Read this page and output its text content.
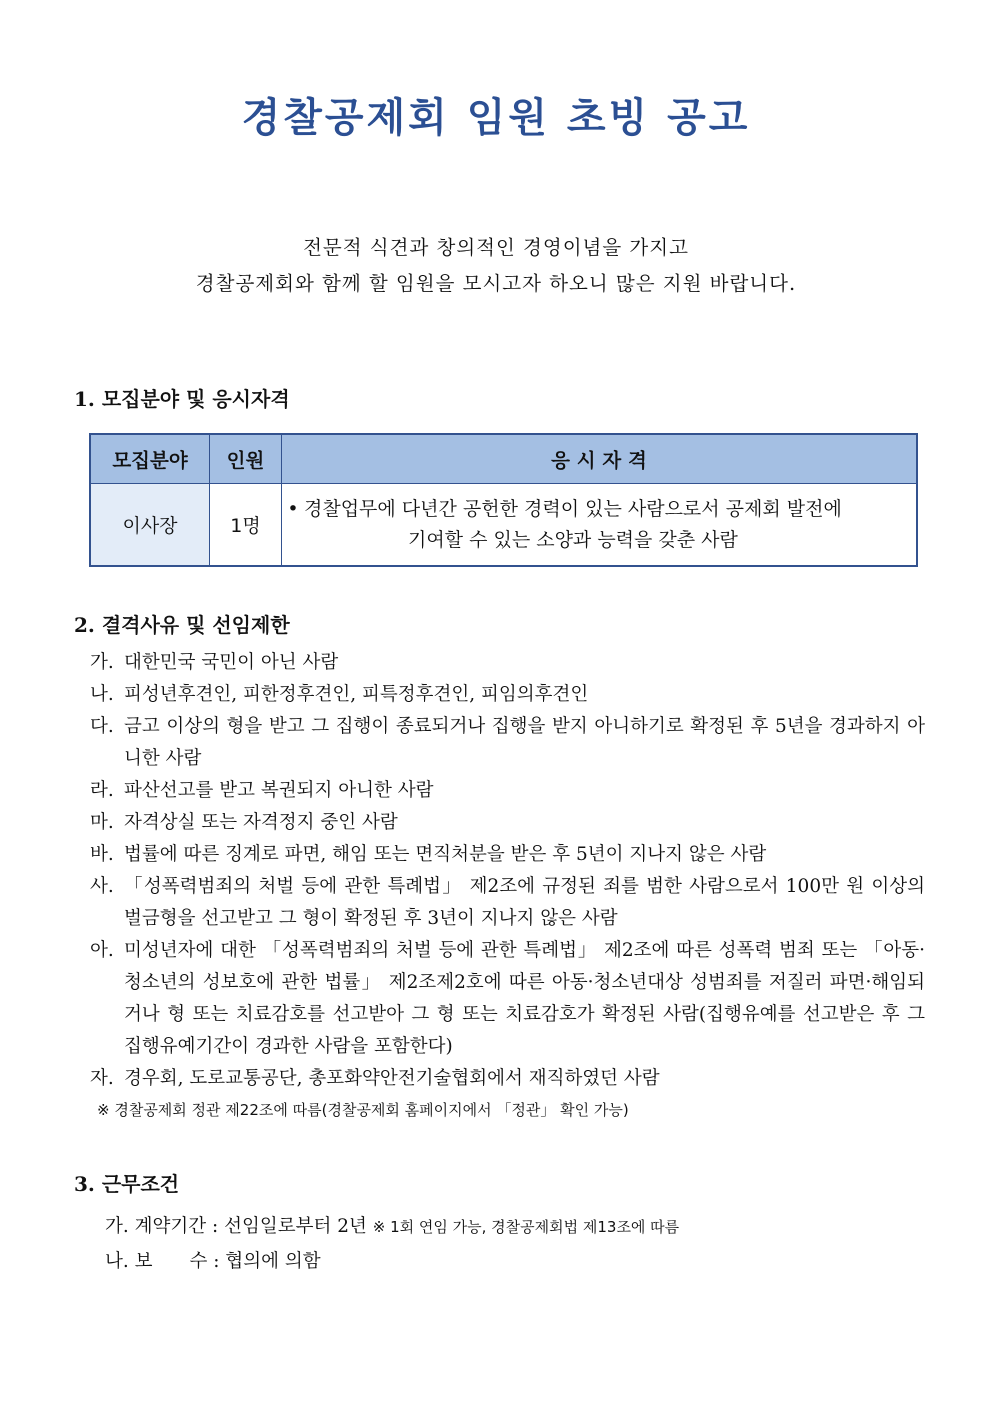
경찰공제회 임원 초빙 공고
전문적 식견과 창의적인 경영이념을 가지고
경찰공제회와 함께 할 임원을 모시고자 하오니 많은 지원 바랍니다.
1. 모집분야 및 응시자격
모집분야	인원	응 시 자 격
이사장	1명	• 경찰업무에 다년간 공헌한 경력이 있는 사람으로서 공제회 발전에
기여할 수 있는 소양과 능력을 갖춘 사람
2. 결격사유 및 선임제한
가. 대한민국 국민이 아닌 사람
나. 피성년후견인, 피한정후견인, 피특정후견인, 피임의후견인
다. 금고 이상의 형을 받고 그 집행이 종료되거나 집행을 받지 아니하기로 확정된 후 5년을 경과하지 아니한 사람
라. 파산선고를 받고 복권되지 아니한 사람
마. 자격상실 또는 자격정지 중인 사람
바. 법률에 따른 징계로 파면, 해임 또는 면직처분을 받은 후 5년이 지나지 않은 사람
사. 「성폭력범죄의 처벌 등에 관한 특례법」 제2조에 규정된 죄를 범한 사람으로서 100만 원 이상의 벌금형을 선고받고 그 형이 확정된 후 3년이 지나지 않은 사람
아. 미성년자에 대한 「성폭력범죄의 처벌 등에 관한 특례법」 제2조에 따른 성폭력 범죄 또는 「아동·청소년의 성보호에 관한 법률」 제2조제2호에 따른 아동·청소년대상 성범죄를 저질러 파면·해임되거나 형 또는 치료감호를 선고받아 그 형 또는 치료감호가 확정된 사람(집행유예를 선고받은 후 그 집행유예기간이 경과한 사람을 포함한다)
자. 경우회, 도로교통공단, 총포화약안전기술협회에서 재직하였던 사람
※ 경찰공제회 정관 제22조에 따름(경찰공제회 홈페이지에서 「정관」 확인 가능)
3. 근무조건
가. 계약기간 : 선임일로부터 2년 ※ 1회 연임 가능, 경찰공제회법 제13조에 따름
나. 보　　수 : 협의에 의함
